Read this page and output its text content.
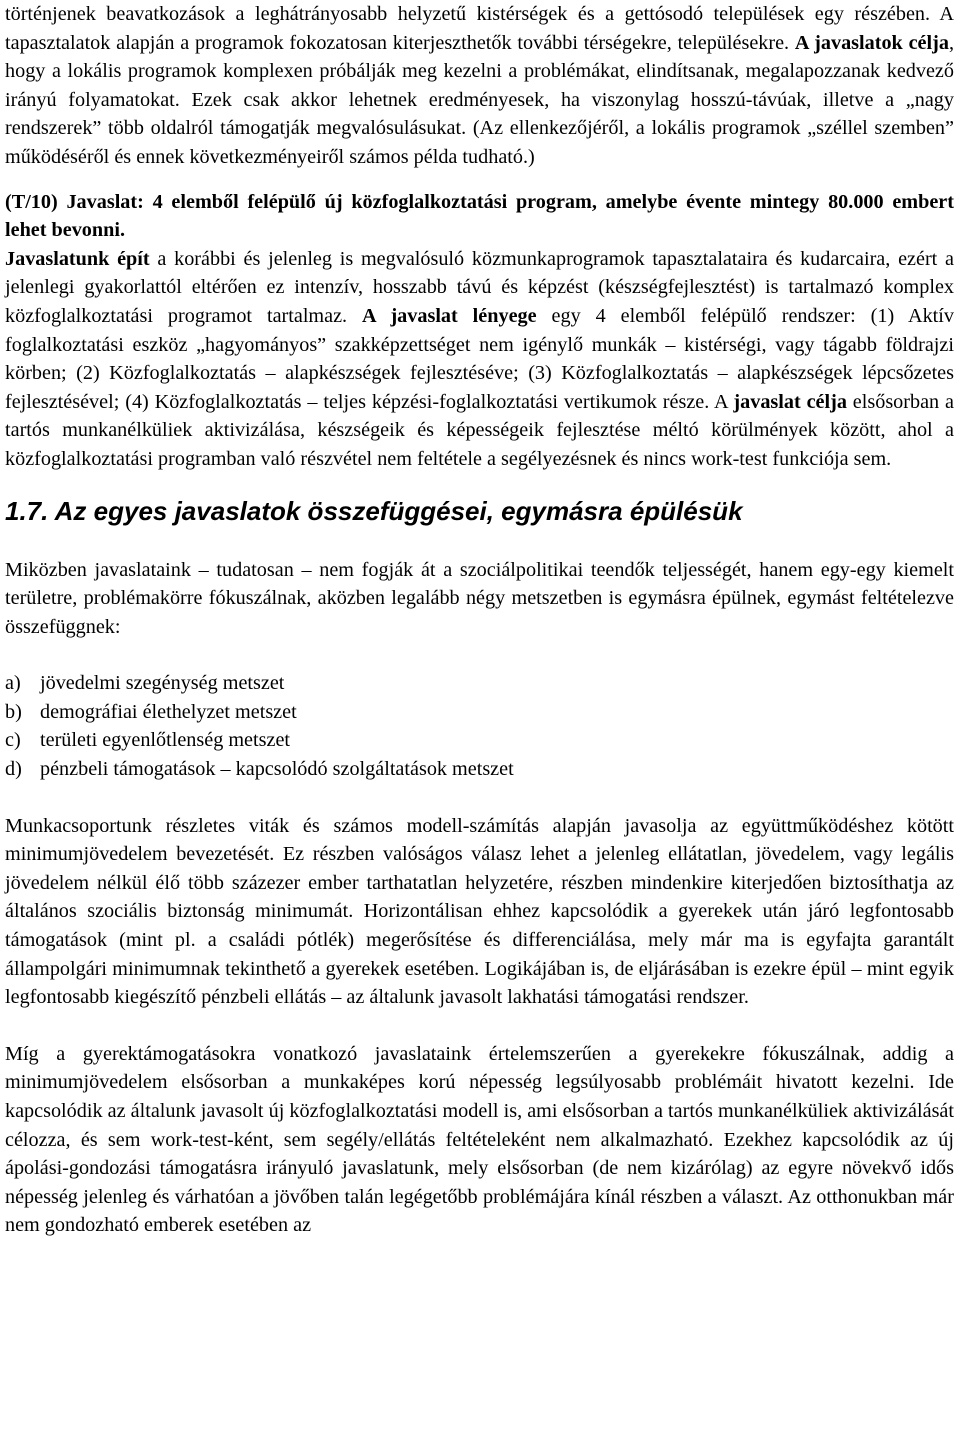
történjenek beavatkozások a leghátrányosabb helyzetű kistérségek és a gettósodó települések egy részében. A tapasztalatok alapján a programok fokozatosan kiterjeszthetők további térségekre, településekre. A javaslatok célja, hogy a lokális programok komplexen próbálják meg kezelni a problémákat, elindítsanak, megalapozzanak kedvező irányú folyamatokat. Ezek csak akkor lehetnek eredményesek, ha viszonylag hosszú-távúak, illetve a „nagy rendszerek” több oldalról támogatják megvalósulásukat. (Az ellenkezőjéről, a lokális programok „széllel szemben” működéséről és ennek következményeiről számos példa tudható.)

(T/10) Javaslat: 4 elemből felépülő új közfoglalkoztatási program, amelybe évente mintegy 80.000 embert lehet bevonni.

Javaslatunk épít a korábbi és jelenleg is megvalósuló közmunkaprogramok tapasztalataira és kudarcaira, ezért a jelenlegi gyakorlattól eltérően ez intenzív, hosszabb távú és képzést (készségfejlesztést) is tartalmazó komplex közfoglalkoztatási programot tartalmaz. A javaslat lényege egy 4 elemből felépülő rendszer: (1) Aktív foglalkoztatási eszköz „hagyományos” szakképzettséget nem igénylő munkák – kistérségi, vagy tágabb földrajzi körben; (2) Közfoglalkoztatás – alapkészségek fejlesztéséve; (3) Közfoglalkoztatás – alapkészségek lépcsőzetes fejlesztésével; (4) Közfoglalkoztatás – teljes képzési-foglalkoztatási vertikumok része. A javaslat célja elsősorban a tartós munkanélküliek aktivizálása, készségeik és képességeik fejlesztése méltó körülmények között, ahol a közfoglalkoztatási programban való részvétel nem feltétele a segélyezésnek és nincs work-test funkciója sem.

1.7. Az egyes javaslatok összefüggései, egymásra épülésük

Miközben javaslataink – tudatosan – nem fogják át a szociálpolitikai teendők teljességét, hanem egy-egy kiemelt területre, problémakörre fókuszálnak, aközben legalább négy metszetben is egymásra épülnek, egymást feltételezve összefüggnek:

a) jövedelmi szegénység metszet
b) demográfiai élethelyzet metszet
c) területi egyenlőtlenség metszet
d) pénzbeli támogatások – kapcsolódó szolgáltatások metszet

Munkacsoportunk részletes viták és számos modell-számítás alapján javasolja az együttműködéshez kötött minimumjövedelem bevezetését. Ez részben valóságos válasz lehet a jelenleg ellátatlan, jövedelem, vagy legális jövedelem nélkül élő több százezer ember tarthatatlan helyzetére, részben mindenkire kiterjedően biztosíthatja az általános szociális biztonság minimumát. Horizontálisan ehhez kapcsolódik a gyerekek után járó legfontosabb támogatások (mint pl. a családi pótlék) megerősítése és differenciálása, mely már ma is egyfajta garantált állampolgári minimumnak tekinthető a gyerekek esetében. Logikájában is, de eljárásában is ezekre épül – mint egyik legfontosabb kiegészítő pénzbeli ellátás – az általunk javasolt lakhatási támogatási rendszer.

Míg a gyerektámogatásokra vonatkozó javaslataink értelemszerűen a gyerekekre fókuszálnak, addig a minimumjövedelem elsősorban a munkaképes korú népesség legsúlyosabb problémáit hivatott kezelni. Ide kapcsolódik az általunk javasolt új közfoglalkoztatási modell is, ami elsősorban a tartós munkanélküliek aktivizálását célozza, és sem work-test-ként, sem segély/ellátás feltételeként nem alkalmazható. Ezekhez kapcsolódik az új ápolási-gondozási támogatásra irányuló javaslatunk, mely elsősorban (de nem kizárólag) az egyre növekvő idős népesség jelenleg és várhatóan a jövőben talán legégetőbb problémájára kínál részben a választ. Az otthonukban már nem gondozható emberek esetében az
